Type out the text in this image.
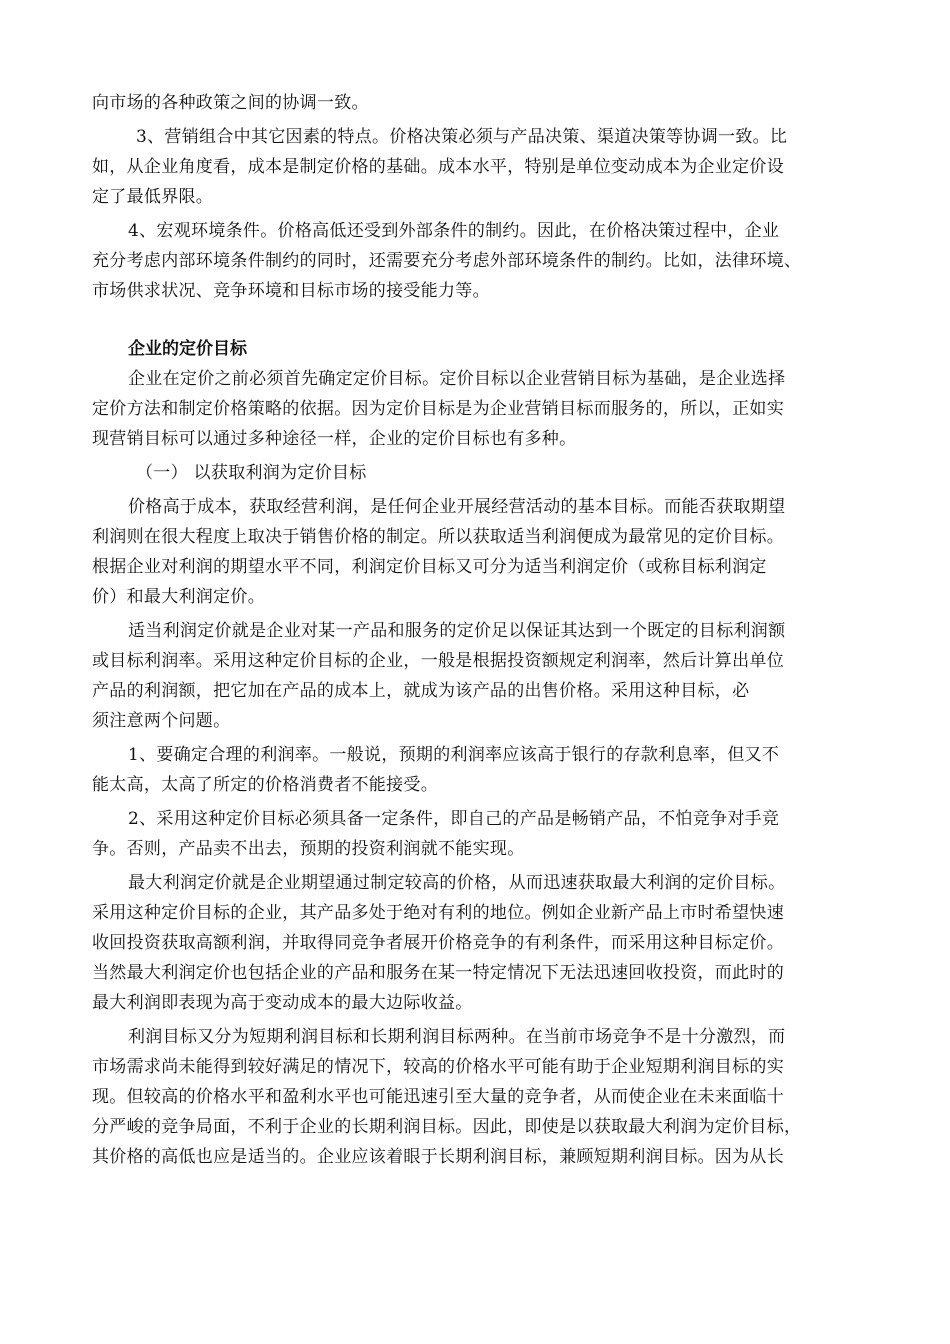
向市场的各种政策之间的协调一致。
3、营销组合中其它因素的特点。价格决策必须与产品决策、渠道决策等协调一致。比
如，从企业角度看，成本是制定价格的基础。成本水平，特别是单位变动成本为企业定价设
定了最低界限。
4、宏观环境条件。价格高低还受到外部条件的制约。因此，在价格决策过程中，企业
充分考虑内部环境条件制约的同时，还需要充分考虑外部环境条件的制约。比如，法律环境、
市场供求状况、竞争环境和目标市场的接受能力等。
企业的定价目标
企业在定价之前必须首先确定定价目标。定价目标以企业营销目标为基础，是企业选择
定价方法和制定价格策略的依据。因为定价目标是为企业营销目标而服务的，所以，正如实
现营销目标可以通过多种途径一样，企业的定价目标也有多种。
（一） 以获取利润为定价目标
价格高于成本，获取经营利润，是任何企业开展经营活动的基本目标。而能否获取期望
利润则在很大程度上取决于销售价格的制定。所以获取适当利润便成为最常见的定价目标。
根据企业对利润的期望水平不同，利润定价目标又可分为适当利润定价（或称目标利润定
价）和最大利润定价。
适当利润定价就是企业对某一产品和服务的定价足以保证其达到一个既定的目标利润额
或目标利润率。采用这种定价目标的企业，一般是根据投资额规定利润率，然后计算出单位
产品的利润额，把它加在产品的成本上，就成为该产品的出售价格。采用这种目标，必
须注意两个问题。
1、要确定合理的利润率。一般说，预期的利润率应该高于银行的存款利息率，但又不
能太高，太高了所定的价格消费者不能接受。
2、采用这种定价目标必须具备一定条件，即自己的产品是畅销产品，不怕竞争对手竞
争。否则，产品卖不出去，预期的投资利润就不能实现。
最大利润定价就是企业期望通过制定较高的价格，从而迅速获取最大利润的定价目标。
采用这种定价目标的企业，其产品多处于绝对有利的地位。例如企业新产品上市时希望快速
收回投资获取高额利润，并取得同竞争者展开价格竞争的有利条件，而采用这种目标定价。
当然最大利润定价也包括企业的产品和服务在某一特定情况下无法迅速回收投资，而此时的
最大利润即表现为高于变动成本的最大边际收益。
利润目标又分为短期利润目标和长期利润目标两种。在当前市场竞争不是十分激烈，而
市场需求尚未能得到较好满足的情况下，较高的价格水平可能有助于企业短期利润目标的实
现。但较高的价格水平和盈利水平也可能迅速引至大量的竞争者，从而使企业在未来面临十
分严峻的竞争局面，不利于企业的长期利润目标。因此，即使是以获取最大利润为定价目标，
其价格的高低也应是适当的。企业应该着眼于长期利润目标，兼顾短期利润目标。因为从长
